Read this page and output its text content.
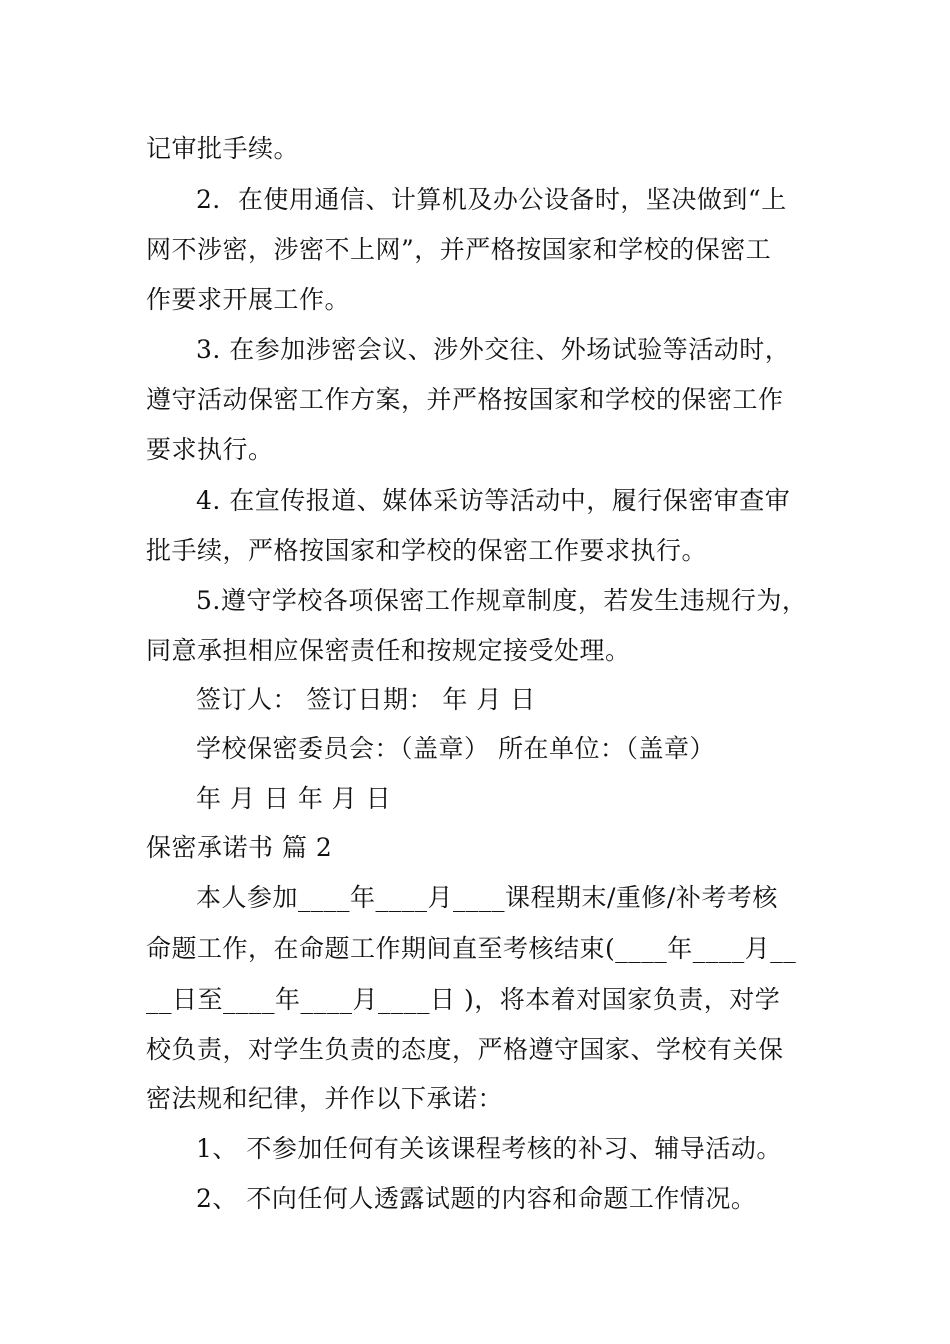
记审批手续。
2．在使用通信、计算机及办公设备时，坚决做到“上
网不涉密，涉密不上网”，并严格按国家和学校的保密工
作要求开展工作。
3. 在参加涉密会议、涉外交往、外场试验等活动时，
遵守活动保密工作方案，并严格按国家和学校的保密工作
要求执行。
4. 在宣传报道、媒体采访等活动中，履行保密审查审
批手续，严格按国家和学校的保密工作要求执行。
5.遵守学校各项保密工作规章制度，若发生违规行为，
同意承担相应保密责任和按规定接受处理。
签订人： 签订日期： 年 月 日
学校保密委员会：（盖章） 所在单位：（盖章）
年 月 日 年 月 日
保密承诺书 篇 2
本人参加____年____月____课程期末/重修/补考考核
命题工作，在命题工作期间直至考核结束(____年____月__
__日至____年____月____日 )，将本着对国家负责，对学
校负责，对学生负责的态度，严格遵守国家、学校有关保
密法规和纪律，并作以下承诺：
1、 不参加任何有关该课程考核的补习、辅导活动。
2、 不向任何人透露试题的内容和命题工作情况。
